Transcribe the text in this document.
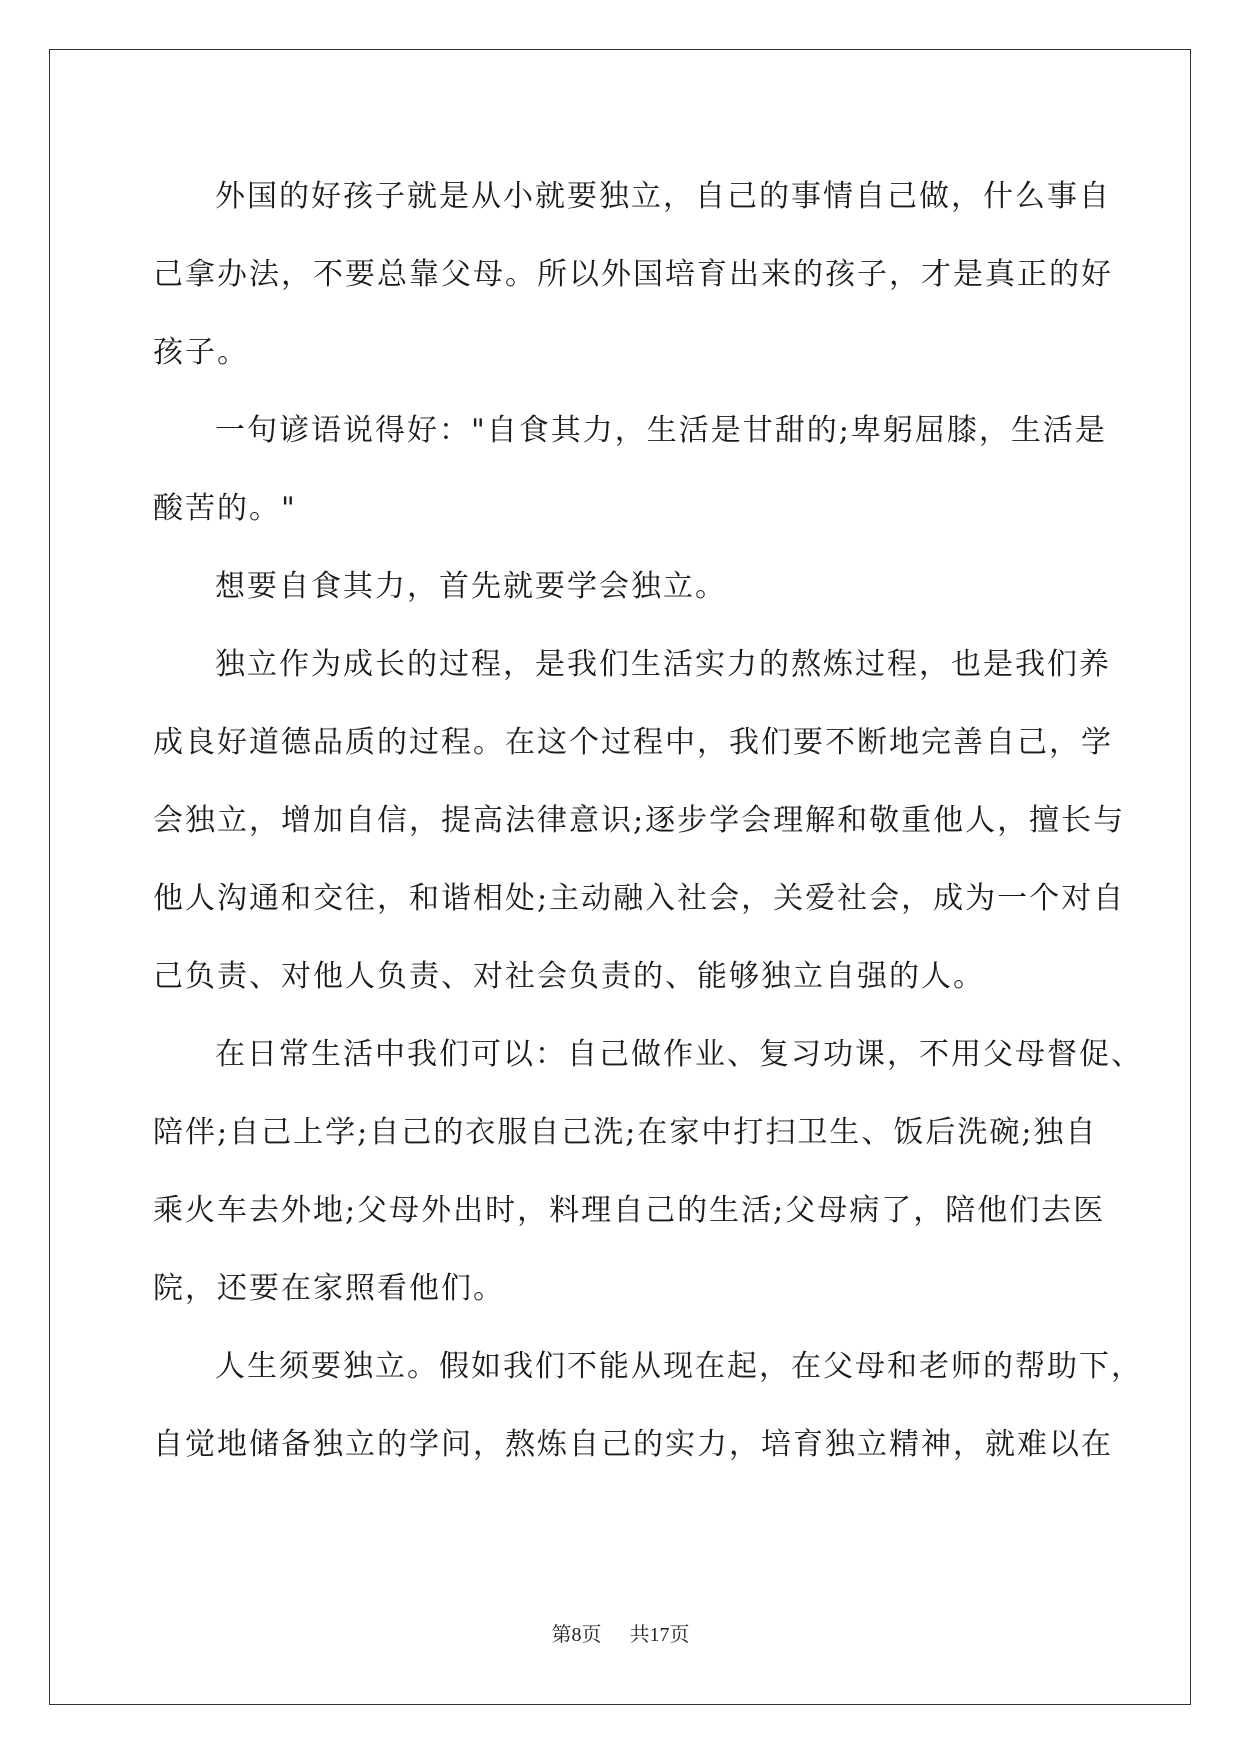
外国的好孩子就是从小就要独立，自己的事情自己做，什么事自
己拿办法，不要总靠父母。所以外国培育出来的孩子，才是真正的好
孩子。
一句谚语说得好："自食其力，生活是甘甜的;卑躬屈膝，生活是
酸苦的。"
想要自食其力，首先就要学会独立。
独立作为成长的过程，是我们生活实力的熬炼过程，也是我们养
成良好道德品质的过程。在这个过程中，我们要不断地完善自己，学
会独立，增加自信，提高法律意识;逐步学会理解和敬重他人，擅长与
他人沟通和交往，和谐相处;主动融入社会，关爱社会，成为一个对自
己负责、对他人负责、对社会负责的、能够独立自强的人。
在日常生活中我们可以：自己做作业、复习功课，不用父母督促、
陪伴;自己上学;自己的衣服自己洗;在家中打扫卫生、饭后洗碗;独自
乘火车去外地;父母外出时，料理自己的生活;父母病了，陪他们去医
院，还要在家照看他们。
人生须要独立。假如我们不能从现在起，在父母和老师的帮助下，
自觉地储备独立的学问，熬炼自己的实力，培育独立精神，就难以在
第8页 共17页
